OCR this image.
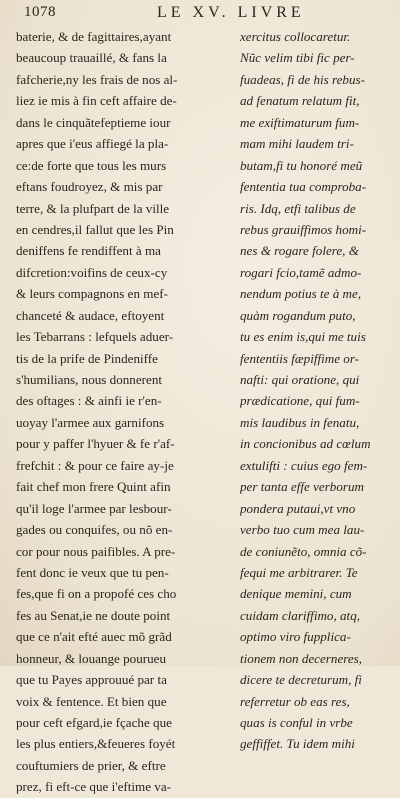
1078	LE XV. LIVRE
baterie, & de fagittaires,ayant
beaucoup trauaillé, & fans la
fafcherie,ny les frais de nos al-
liez ie mis à fin ceft affaire de-
dans le cinquãtefeptieme iour
apres que i'eus affiegé la pla-
ce:de forte que tous les murs
eftans foudroyez, & mis par
terre, & la plufpart de la ville
en cendres,il fallut que les Pin
deniffens fe rendiffent à ma
difcretion:voifins de ceux-cy
& leurs compagnons en mef-
chanceté & audace, eftoyent
les Tebarrans : lefquels aduer-
tis de la prife de Pindeniffe
s'humilians, nous donnerent
des oftages : & ainfi ie r'en-
uoyay l'armee aux garnifons
pour y paffer l'hyuer & fe r'af-
frefchit : & pour ce faire ay-je
fait chef mon frere Quint afin
qu'il loge l'armee par lesbour-
gades ou conquifes, ou nõ en-
cor pour nous paifibles. A pre-
fent donc ie veux que tu pen-
fes,que fi on a propofé ces cho
fes au Senat,ie ne doute point
que ce n'ait efté auec mõ grãd
honneur, & louange pourueu
que tu Payes approuué par ta
voix & fentence. Et bien que
pour ceft efgard,ie fçache que
les plus entiers,&feueres foyét
couftumiers de prier, & eftre
prez, fi eft-ce que i'eftime va-
xercitus collocaretur.
Nũc velim tibi fic per-
fuadeas, fi de his rebus-
ad fenatum relatum fit,
me exiftimaturum fum-
mam mihi laudem tri-
butam,fi tu honoré meũ
fententia tua comproba-
ris. Idq, etfi talibus de
rebus grauiffimos homi-
nes & rogare folere, &
rogari fcio,tamẽ admo-
nendum potius te à me,
quàm rogandum puto,
tu es enim is,qui me tuis
fententiis fæpiffime or-
nafti: qui oratione, qui
prædicatione, qui fum-
mis laudibus in fenatu,
in concionibus ad cœlum
extulifti : cuius ego fem-
per tanta effe verborum
pondera putaui,vt vno
verbo tuo cum mea lau-
de coniunẽto, omnia cõ-
fequi me arbitrarer. Te
denique memini, cum
cuidam clariffimo, atq,
optimo viro fupplica-
tionem non decerneres,
dicere te decreturum, fi
referretur ob eas res,
quas is conful in vrbe
geffiffet. Tu idem mihi
